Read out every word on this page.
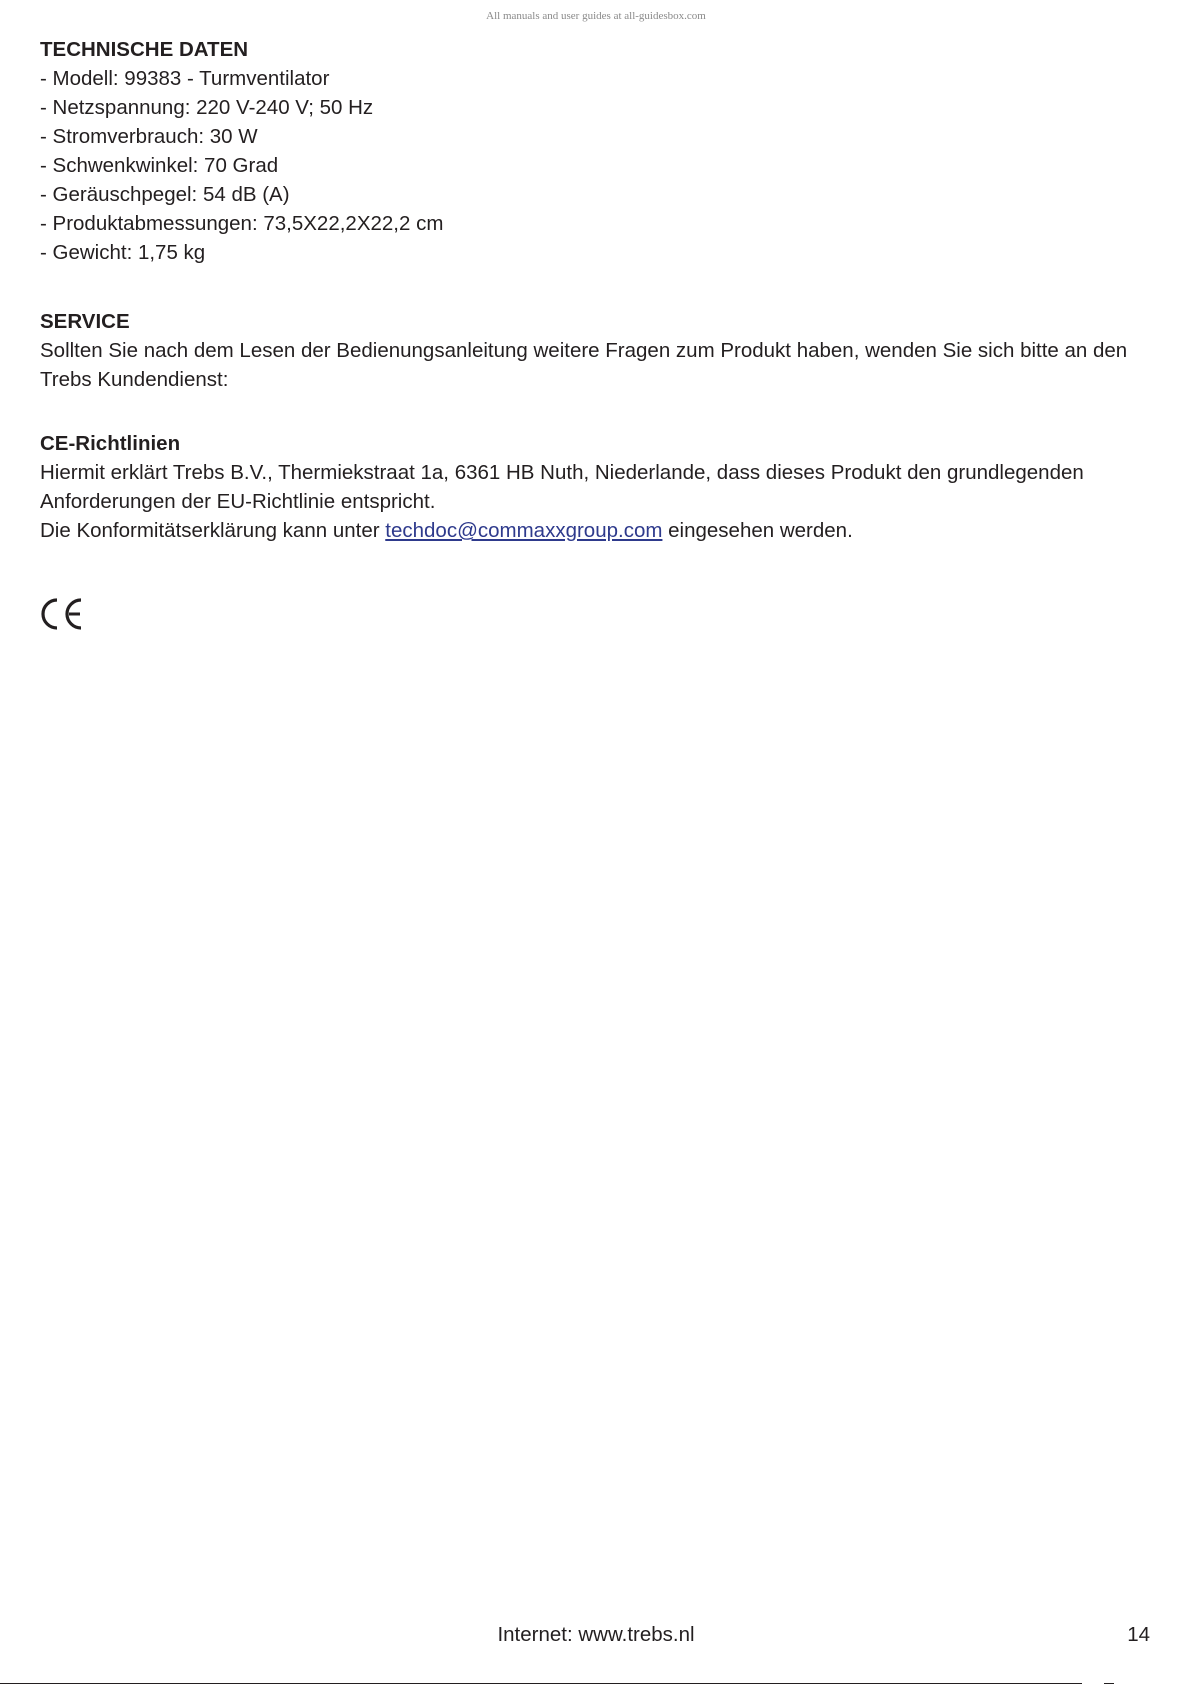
All manuals and user guides at all-guidesbox.com

TECHNISCHE DATEN

- Modell: 99383 - Turmventilator
- Netzspannung: 220 V-240 V; 50 Hz
- Stromverbrauch: 30 W
- Schwenkwinkel: 70 Grad
- Geräuschpegel: 54 dB (A)
- Produktabmessungen: 73,5X22,2X22,2 cm
- Gewicht: 1,75 kg

SERVICE

Sollten Sie nach dem Lesen der Bedienungsanleitung weitere Fragen zum Produkt haben, wenden Sie sich bitte an den Trebs Kundendienst:

CE-Richtlinien

Hiermit erklärt Trebs B.V., Thermiekstraat 1a, 6361 HB Nuth, Niederlande, dass dieses Produkt den grundlegenden Anforderungen der EU-Richtlinie entspricht.

Die Konformitätserklärung kann unter techdoc@commaxxgroup.com eingesehen werden.

Internet: www.trebs.nl	14
